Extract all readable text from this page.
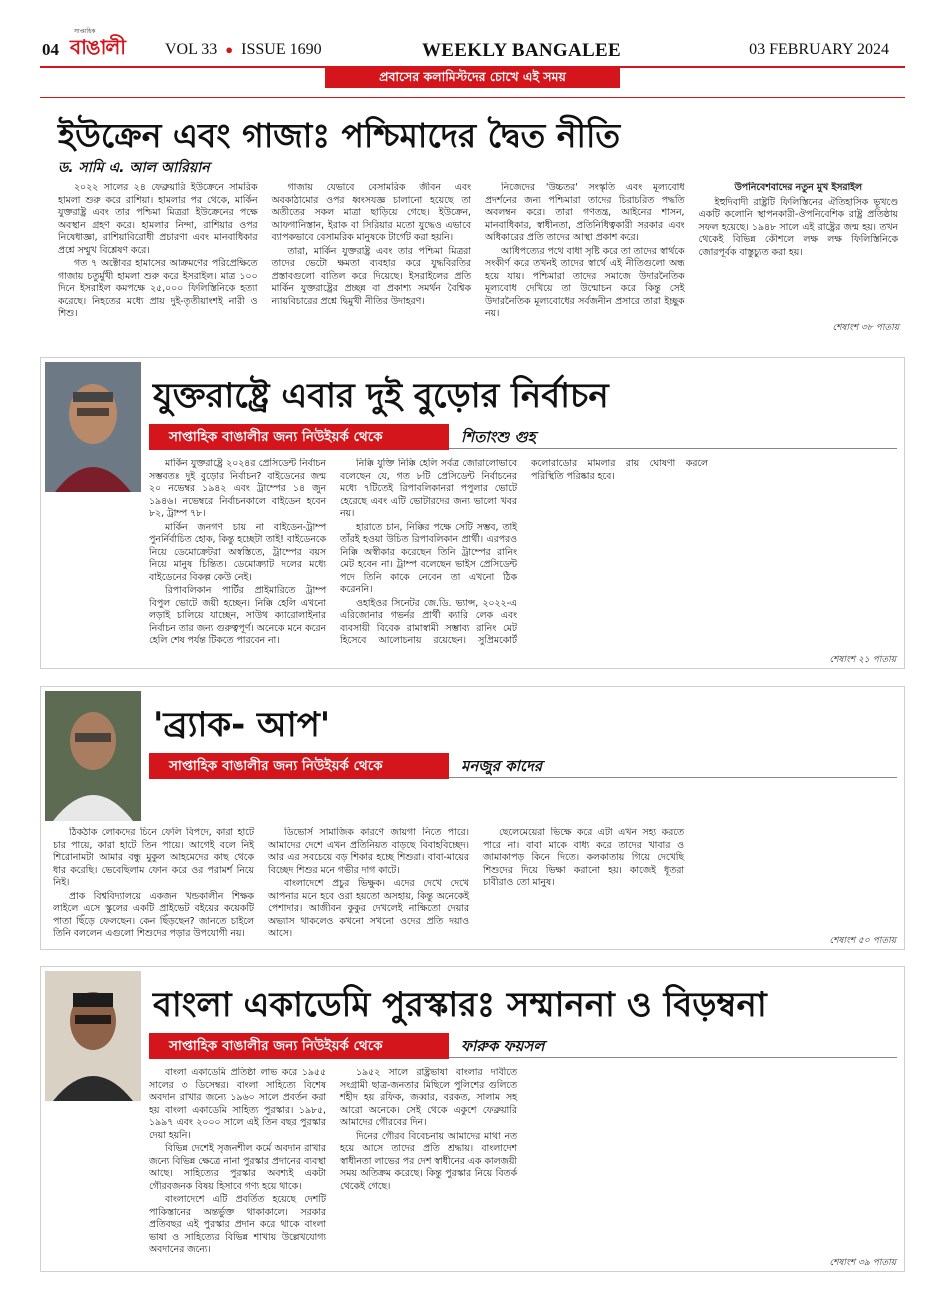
04
সাপ্তাহিক
বাঙালী VOL 33 ● ISSUE 1690	WEEKLY BANGALEE	03 FEBRUARY 2024
প্রবাসের কলামিস্টদের চোখে এই সময়
ইউক্রেন এবং গাজাঃ পশ্চিমাদের দ্বৈত নীতি
ড. সামি এ. আল আরিয়ান

২০২২ সালের ২৪ ফেব্রুয়ারি ইউক্রেনে সামরিক হামলা শুরু করে রাশিয়া। হামলার পর থেকে, মার্কিন যুক্তরাষ্ট্র এবং তার পশ্চিমা মিত্ররা ইউক্রেনের পক্ষে অবস্থান গ্রহণ করে। হামলার নিন্দা, রাশিয়ার ওপর নিষেধাজ্ঞা, রাশিয়াবিরোধী প্রচারণা এবং মানবাধিকার প্রশ্নে সম্মুখ বিশ্লেষণ করে।

গত ৭ অক্টোবর হামাসের আক্রমণের পরিপ্রেক্ষিতে গাজায় চতুর্মুখী হামলা শুরু করে ইসরাইল। মাত্র ১০০ দিনে ইসরাইল কমপক্ষে ২৫,০০০ ফিলিস্তিনিকে হত্যা করেছে। নিহতের মধ্যে প্রায় দুই-তৃতীয়াংশই নারী ও শিশু।

গাজায় যেভাবে বেসামরিক জীবন এবং অবকাঠামোর ওপর ধ্বংসযজ্ঞ চালানো হয়েছে তা অতীতের সকল মাত্রা ছাড়িয়ে গেছে। ইউক্রেন, আফগানিস্তান, ইরাক বা সিরিয়ার মতো যুদ্ধেও এভাবে ব্যাপকভাবে বেসামরিক মানুষকে টার্গেট করা হয়নি।

তারা, মার্কিন যুক্তরাষ্ট্র এবং তার পশ্চিমা মিত্ররা তাদের ভেটো ক্ষমতা ব্যবহার করে যুদ্ধবিরতির প্রস্তাবগুলো বাতিল করে দিয়েছে। ইসরাইলের প্রতি মার্কিন যুক্তরাষ্ট্রের প্রচ্ছন্ন বা প্রকাশ্য সমর্থন বৈশ্বিক ন্যায়বিচারের প্রশ্নে দ্বিমুখী নীতির উদাহরণ।

নিজেদের 'উচ্চতর' সংস্কৃতি এবং মূল্যবোধ প্রদর্শনের জন্য পশ্চিমারা তাদের চিরাচরিত পদ্ধতি অবলম্বন করে। তারা গণতন্ত্র, আইনের শাসন, মানবাধিকার, স্বাধীনতা, প্রতিনিধিত্বকারী সরকার এবং অধিকারের প্রতি তাদের আস্থা প্রকাশ করে।

আধিপত্যের পথে বাধা সৃষ্টি করে তা তাদের স্বার্থকে সংকীর্ণ করে তখনই তাদের স্বার্থে এই নীতিগুলো অন্ধ হয়ে যায়। পশ্চিমারা তাদের সমাজে উদারনৈতিক মূল্যবোধ দেখিয়ে তা উন্মোচন করে কিন্তু সেই উদারনৈতিক মূল্যবোধের সর্বজনীন প্রসারে তারা ইচ্ছুক নয়।

উপনিবেশবাদের নতুন মুখ ইসরাইল

ইহুদিবাদী রাষ্ট্রটি ফিলিস্তিনের ঐতিহাসিক ভূখণ্ডে একটি কলোনি স্থাপনকারী-ঔপনিবেশিক রাষ্ট্র প্রতিষ্ঠায় সফল হয়েছে। ১৯৪৮ সালে এই রাষ্ট্রের জন্ম হয়। তখন থেকেই বিভিন্ন কৌশলে লক্ষ লক্ষ ফিলিস্তিনিকে জোরপূর্বক বাস্তুচ্যুত করা হয়।

শেষাংশ ৩৮ পাতায়
যুক্তরাষ্ট্রে এবার দুই বুড়োর নির্বাচন
সাপ্তাহিক বাঙালীর জন্য নিউইয়র্ক থেকে	শিতাংশু গুহ

মার্কিন যুক্তরাষ্ট্রে ২০২৪র প্রেসিডেন্ট নির্বাচন সম্ভবতঃ দুই বুড়োর নির্বাচন? বাইডেনের জন্ম ২০ নভেম্বর ১৯৪২ এবং ট্রাম্পের ১৪ জুন ১৯৪৬। নভেম্বরে নির্বাচনকালে বাইডেন হবেন ৮২, ট্রাম্প ৭৮।

মার্কিন জনগণ চায় না বাইডেন-ট্রাম্প পুনর্নির্বাচিত হোক, কিন্তু হচ্ছেটা তাই! বাইডেনকে নিয়ে ডেমোক্রেটরা অস্বস্তিতে, ট্রাম্পের বয়স নিয়ে মানুষ চিন্তিত। ডেমোক্র্যাট দলের মধ্যে বাইডেনের বিকল্প কেউ নেই।

রিপাবলিকান পার্টির প্রাইমারিতে ট্রাম্প বিপুল ভোটে জয়ী হচ্ছেন। নিক্কি হেলি এখনো লড়াই চালিয়ে যাচ্ছেন, সাউথ ক্যারোলাইনার নির্বাচন তার জন্য গুরুত্বপূর্ণ। অনেকে মনে করেন হেলি শেষ পর্যন্ত টিকতে পারবেন না।

নিক্কি যুক্তি নিক্কি হেলি সর্বত্র জোরালোভাবে বলেছেন যে, গত ৮টি প্রেসিডেন্ট নির্বাচনের মধ্যে ৭টিতেই রিপাবলিকানরা পপুলার ভোটে হেরেছে এবং এটি ভোটারদের জন্য ভালো খবর নয়।

হারাতে চান, নিক্কির পক্ষে সেটি সম্ভব, তাই তাঁরই হওয়া উচিত রিপাবলিকান প্রার্থী। এরপরও নিক্কি অস্বীকার করেছেন তিনি ট্রাম্পের রানিং মেট হবেন না। ট্রাম্প বলেছেন ভাইস প্রেসিডেন্ট পদে তিনি কাকে নেবেন তা এখনো ঠিক করেননি।

ওহাইওর সিনেটর জে.ডি. ভ্যান্স, ২০২২-এ এরিজোনার গভর্নর প্রার্থী ক্যারি লেক এবং ব্যবসায়ী বিবেক রামাস্বামী সম্ভাব্য রানিং মেট হিসেবে আলোচনায় রয়েছেন। সুপ্রিমকোর্ট কলোরাডোর মামলার রায় ঘোষণা করলে পরিস্থিতি পরিষ্কার হবে।

শেষাংশ ২১ পাতায়
'ব্র্যাক- আপ'
সাপ্তাহিক বাঙালীর জন্য নিউইয়র্ক থেকে	মনজুর কাদের

ঠিকঠাক লোকদের চিনে ফেলি বিপদে, কারা হাটে চার পায়ে, কারা হাটে তিন পায়ে। আগেই বলে নিই শিরোনামটা আমার বন্ধু মুকুল আহমেদের কাছ থেকে ধার করেছি। ভেবেছিলাম ফোন করে ওর পরামর্শ নিয়ে নিই।

প্রাক বিশ্ববিদ্যালয়ে একজন খন্ডকালীন শিক্ষক লাইলে এসে স্কুলের একটি প্রাইভেট বইয়ের কয়েকটি পাতা ছিঁড়ে ফেলছেন। কেন ছিঁড়ছেন? জানতে চাইলে তিনি বললেন এগুলো শিশুদের পড়ার উপযোগী নয়।

ডিভোর্স সামাজিক কারণে জায়গা নিতে পারে। আমাদের দেশে এখন প্রতিনিয়ত বাড়ছে বিবাহবিচ্ছেদ। আর এর সবচেয়ে বড় শিকার হচ্ছে শিশুরা। বাবা-মায়ের বিচ্ছেদ শিশুর মনে গভীর দাগ কাটে।

বাংলাদেশে প্রচুর ভিক্ষুক। এদের দেখে দেখে আপনার মনে হবে ওরা হয়তো অসহায়, কিন্তু অনেকেই পেশাদার। আজীবন কুকুর দেখলেই নাক্ষিতো দেয়ার অভ্যাস থাকলেও কখনো সখনো ওদের প্রতি দয়াও আসে।

ছেলেমেয়েরা ভিক্ষে করে এটা এখন সহ্য করতে পারে না। বাবা মাকে বাধ্য করে তাদের খাবার ও জামাকাপড় কিনে দিতে। কলকাতায় গিয়ে দেখেছি শিশুদের দিয়ে ভিক্ষা করানো হয়। কাজেই ধূতরা চাবীরাও তো মানুষ।

শেষাংশ ৫০ পাতায়
বাংলা একাডেমি পুরস্কারঃ সম্মাননা ও বিড়ম্বনা
সাপ্তাহিক বাঙালীর জন্য নিউইয়র্ক থেকে	ফারুক ফয়সল

বাংলা একাডেমি প্রতিষ্ঠা লাভ করে ১৯৫৫ সালের ৩ ডিসেম্বর। বাংলা সাহিত্যে বিশেষ অবদান রাখার জন্যে ১৯৬০ সালে প্রবর্তন করা হয় বাংলা একাডেমি সাহিত্য পুরস্কার। ১৯৮৫, ১৯৯৭ এবং ২০০০ সালে এই তিন বছর পুরস্কার দেয়া হয়নি।

বিভিন্ন দেশেই সৃজনশীল কর্মে অবদান রাখার জন্যে বিভিন্ন ক্ষেত্রে নানা পুরস্কার প্রদানের ব্যবস্থা আছে। সাহিত্যের পুরস্কার অবশ্যই একটা গৌরবজনক বিষয় হিসাবে গণ্য হয়ে থাকে।

বাংলাদেশে এটি প্রবর্তিত হয়েছে দেশটি পাকিস্তানের অন্তর্ভুক্ত থাকাকালে। সরকার প্রতিবছর এই পুরস্কার প্রদান করে থাকে বাংলা ভাষা ও সাহিত্যের বিভিন্ন শাখায় উল্লেখযোগ্য অবদানের জন্যে।

১৯৫২ সালে রাষ্ট্রভাষা বাংলার দাবীতে সংগ্রামী ছাত্র-জনতার মিছিলে পুলিশের গুলিতে শহীদ হয় রফিক, জব্বার, বরকত, সালাম সহ আরো অনেকে। সেই থেকে একুশে ফেব্রুয়ারি আমাদের গৌরবের দিন।

দিনের গৌরব বিবেচনায় আমাদের মাথা নত হয়ে আসে তাদের প্রতি শ্রদ্ধায়। বাংলাদেশ স্বাধীনতা লাভের পর দেশ স্বাধীনের এক কালজয়ী সময় অতিক্রম করেছে। কিন্তু পুরস্কার নিয়ে বিতর্ক থেকেই গেছে।

শেষাংশ ৩৯ পাতায়
